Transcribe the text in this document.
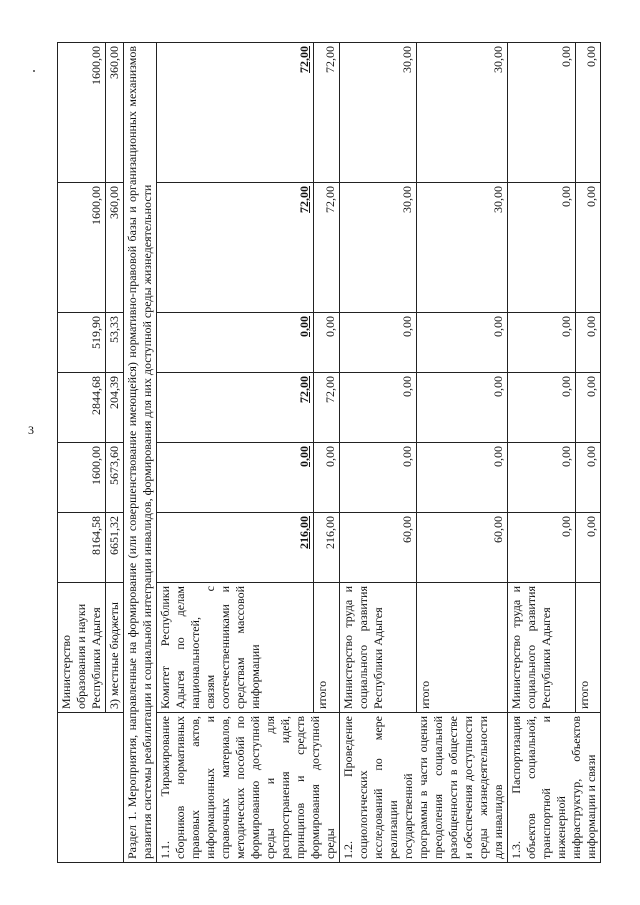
3
	Министерство образования и науки Республики Адыгея	8164,58	1600,00	2844,68	519,90	1600,00	1600,00
	3) местные бюджеты	6651,32	5673,60	204,39	53,33	360,00	360,00
Раздел 1. Мероприятия, направленные на формирование (или совершенствование имеющейся) нормативно-правовой базы и организационных механизмов развития системы реабилитации и социальной интеграции инвалидов, формирования для них доступной среды жизнедеятельности							
1.1. Тиражирование сборников нормативных правовых актов, информационных и справочных материалов, методических пособий по формированию доступной среды и для распространения идей, принципов и средств формирования доступной среды	Комитет Республики Адыгея по делам национальностей, связям с соотечественниками и средствам массовой информации	216,00	0,00	72,00	0,00	72,00	72,00
	итого	216,00	0,00	72,00	0,00	72,00	72,00
1.2. Проведение социологических исследований по мере реализации государственной программы в части оценки преодоления социальной разобщенности в обществе и обеспечения доступности среды жизнедеятельности для инвалидов	Министерство труда и социального развития Республики Адыгея	60,00	0,00	0,00	0,00	30,00	30,00
	итого	60,00	0,00	0,00	0,00	30,00	30,00
1.3. Паспортизация объектов социальной, транспортной и инженерной инфраструктур, объектов информации и связи	Министерство труда и социального развития Республики Адыгея	0,00	0,00	0,00	0,00	0,00	0,00
	итого	0,00	0,00	0,00	0,00	0,00	0,00
